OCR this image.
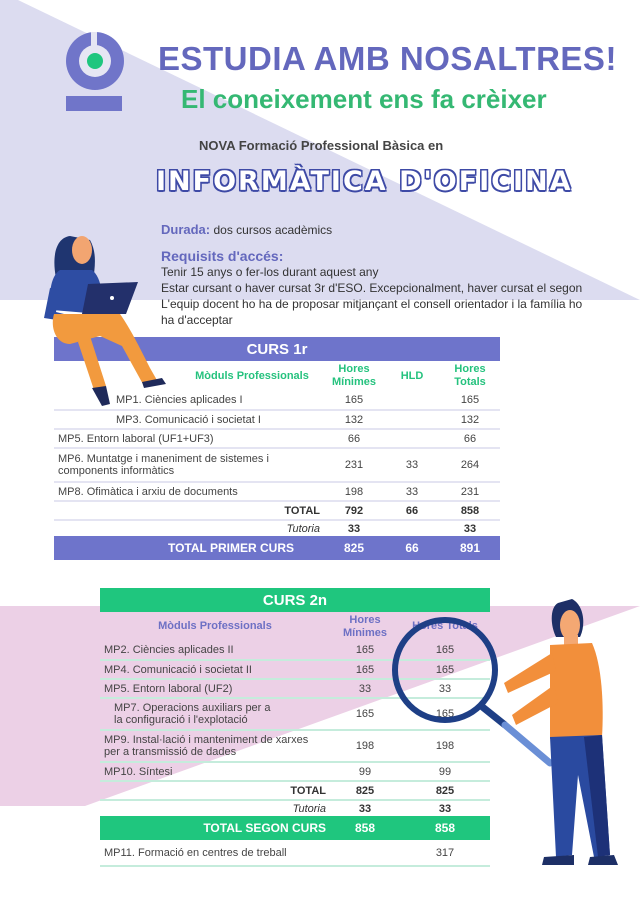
ESTUDIA AMB NOSALTRES!
El coneixement ens fa crèixer
NOVA Formació Professional Bàsica en
INFORMÀTICA D'OFICINA
Durada: dos cursos acadèmics
Requisits d'accés:
Tenir 15 anys o fer-los durant aquest any
Estar cursant o haver cursat 3r d'ESO. Excepcionalment, haver cursat el segon
L'equip docent ho ha de proposar mitjançant el consell orientador i la família ho
ha d'acceptar
CURS 1r			
Mòduls Professionals	Hores Mínimes	HLD	Hores Totals
MP1. Ciències aplicades I	165		165
MP3. Comunicació i societat I	132		132
MP5. Entorn laboral (UF1+UF3)	66		66
MP6. Muntatge i maneniment de sistemes i components informàtics	231	33	264
MP8. Ofimàtica i arxiu de documents	198	33	231
TOTAL	792	66	858
Tutoria	33		33
TOTAL PRIMER CURS	825	66	891
CURS 2n		
Mòduls Professionals	Hores Mínimes	Hores Totals
MP2. Ciències aplicades II	165	165
MP4. Comunicació i societat II	165	165
MP5. Entorn laboral (UF2)	33	33
MP7. Operacions auxiliars per a la configuració i l'explotació	165	165
MP9. Instal·lació i manteniment de xarxes per a transmissió de dades	198	198
MP10. Síntesi	99	99
TOTAL	825	825
Tutoria	33	33
TOTAL SEGON CURS	858	858
MP11. Formació en centres de treball		317
